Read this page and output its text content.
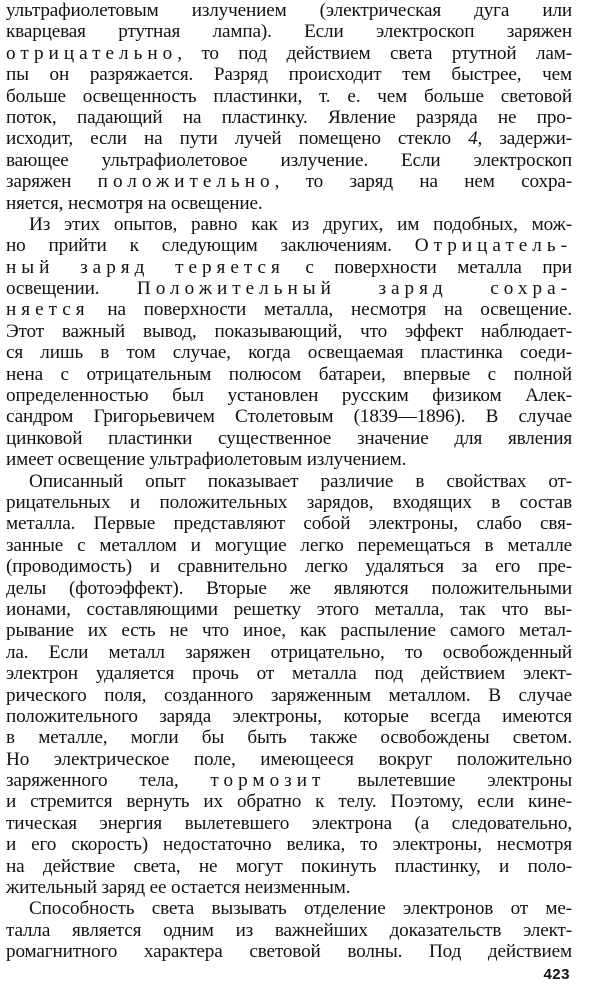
ультрафиолетовым излучением (электрическая дуга или
кварцевая ртутная лампа). Если электроскоп заряжен
отрицательно, то под действием света ртутной лам-
пы он разряжается. Разряд происходит тем быстрее, чем
больше освещенность пластинки, т. е. чем больше световой
поток, падающий на пластинку. Явление разряда не про-
исходит, если на пути лучей помещено стекло 4, задержи-
вающее ультрафиолетовое излучение. Если электроскоп
заряжен положительно, то заряд на нем сохра-
няется, несмотря на освещение.
Из этих опытов, равно как из других, им подобных, мож-
но прийти к следующим заключениям. Отрицатель-
ный заряд теряется с поверхности металла при
освещении. Положительный заряд сохра-
няется на поверхности металла, несмотря на освещение.
Этот важный вывод, показывающий, что эффект наблюдает-
ся лишь в том случае, когда освещаемая пластинка соеди-
нена с отрицательным полюсом батареи, впервые с полной
определенностью был установлен русским физиком Алек-
сандром Григорьевичем Столетовым (1839—1896). В случае
цинковой пластинки существенное значение для явления
имеет освещение ультрафиолетовым излучением.
Описанный опыт показывает различие в свойствах от-
рицательных и положительных зарядов, входящих в состав
металла. Первые представляют собой электроны, слабо свя-
занные с металлом и могущие легко перемещаться в металле
(проводимость) и сравнительно легко удаляться за его пре-
делы (фотоэффект). Вторые же являются положительными
ионами, составляющими решетку этого металла, так что вы-
рывание их есть не что иное, как распыление самого метал-
ла. Если металл заряжен отрицательно, то освобожденный
электрон удаляется прочь от металла под действием элект-
рического поля, созданного заряженным металлом. В случае
положительного заряда электроны, которые всегда имеются
в металле, могли бы быть также освобождены светом.
Но электрическое поле, имеющееся вокруг положительно
заряженного тела, тормозит вылетевшие электроны
и стремится вернуть их обратно к телу. Поэтому, если кине-
тическая энергия вылетевшего электрона (а следовательно,
и его скорость) недостаточно велика, то электроны, несмотря
на действие света, не могут покинуть пластинку, и поло-
жительный заряд ее остается неизменным.
Способность света вызывать отделение электронов от ме-
талла является одним из важнейших доказательств элект-
ромагнитного характера световой волны. Под действием
423
